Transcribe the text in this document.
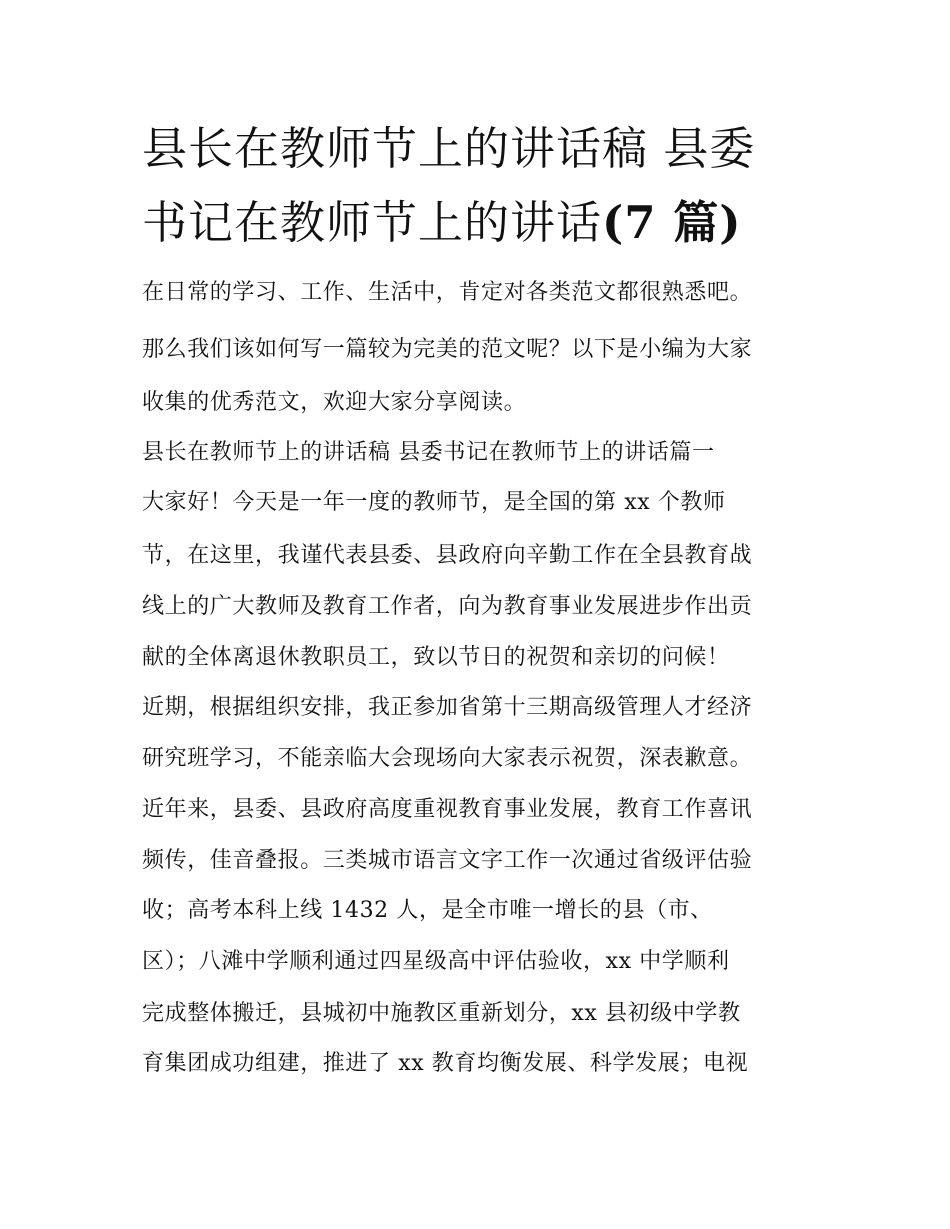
县长在教师节上的讲话稿 县委
书记在教师节上的讲话(7 篇)
在日常的学习、工作、生活中，肯定对各类范文都很熟悉吧。
那么我们该如何写一篇较为完美的范文呢？以下是小编为大家
收集的优秀范文，欢迎大家分享阅读。
县长在教师节上的讲话稿 县委书记在教师节上的讲话篇一
大家好！今天是一年一度的教师节，是全国的第 xx 个教师
节，在这里，我谨代表县委、县政府向辛勤工作在全县教育战
线上的广大教师及教育工作者，向为教育事业发展进步作出贡
献的全体离退休教职员工，致以节日的祝贺和亲切的问候！
近期，根据组织安排，我正参加省第十三期高级管理人才经济
研究班学习，不能亲临大会现场向大家表示祝贺，深表歉意。
近年来，县委、县政府高度重视教育事业发展，教育工作喜讯
频传，佳音叠报。三类城市语言文字工作一次通过省级评估验
收；高考本科上线 1432 人，是全市唯一增长的县（市、
区）；八滩中学顺利通过四星级高中评估验收，xx 中学顺利
完成整体搬迁，县城初中施教区重新划分，xx 县初级中学教
育集团成功组建，推进了 xx 教育均衡发展、科学发展；电视
